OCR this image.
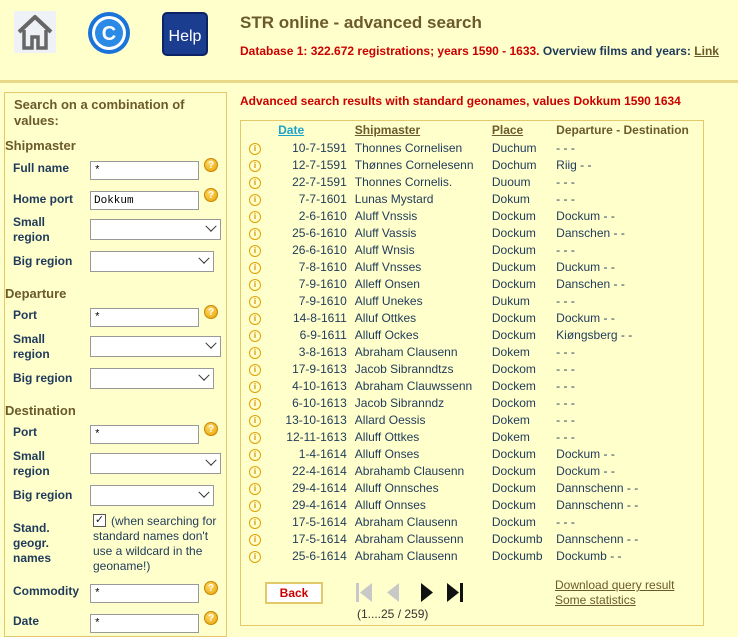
C	Help
STR online - advanced search
Database 1: 322.672 registrations; years 1590 - 1633. Overview films and years: Link
Search on a combination of values:
Shipmaster
Full name
*	?
Home port
Dokkum	?
Small region
Big region
Departure
Port
*	?
Small region
Big region
Destination
Port
*	?
Small region
Big region
Stand. geogr. names
✓ (when searching for standard names don't use a wildcard in the geoname!)
Commodity
*	?
Date
*	?
Advanced search results with standard geonames, values Dokkum 1590 1634
	Date	Shipmaster	Place	Departure - Destination
i	10-7-1591	Thonnes Cornelisen	Duchum	- - -
i	12-7-1591	Thønnes Cornelesenn	Dochum	Riig - -
i	22-7-1591	Thonnes Cornelis.	Duoum	- - -
i	7-7-1601	Lunas Mystard	Dokum	- - -
i	2-6-1610	Aluff Vnssis	Dockum	Dockum - -
i	25-6-1610	Aluff Vassis	Dockum	Danschen - -
i	26-6-1610	Aluff Wnsis	Dockum	- - -
i	7-8-1610	Aluff Vnsses	Duckum	Duckum - -
i	7-9-1610	Alleff Onsen	Dockum	Danschen - -
i	7-9-1610	Aluff Unekes	Dukum	- - -
i	14-8-1611	Alluf Ottkes	Dockum	Dockum - -
i	6-9-1611	Alluff Ockes	Dockum	Kiøngsberg - -
i	3-8-1613	Abraham Clausenn	Dokem	- - -
i	17-9-1613	Jacob Sibranndtzs	Dockom	- - -
i	4-10-1613	Abraham Clauwssenn	Dockem	- - -
i	6-10-1613	Jacob Sibranndz	Dockom	- - -
i	13-10-1613	Allard Oessis	Dokem	- - -
i	12-11-1613	Alluff Ottkes	Dokem	- - -
i	1-4-1614	Alluff Onses	Dockum	Dockum - -
i	22-4-1614	Abrahamb Clausenn	Dockum	Dockum - -
i	29-4-1614	Alluff Onnsches	Dockum	Dannschenn - -
i	29-4-1614	Alluff Onnses	Dockum	Dannschenn - -
i	17-5-1614	Abraham Clausenn	Dockum	- - -
i	17-5-1614	Abraham Claussenn	Dockumb	Dannschenn - -
i	25-6-1614	Abraham Clausenn	Dockumb	Dockumb - -
Back
(1....25 / 259)
Download query result
Some statistics
